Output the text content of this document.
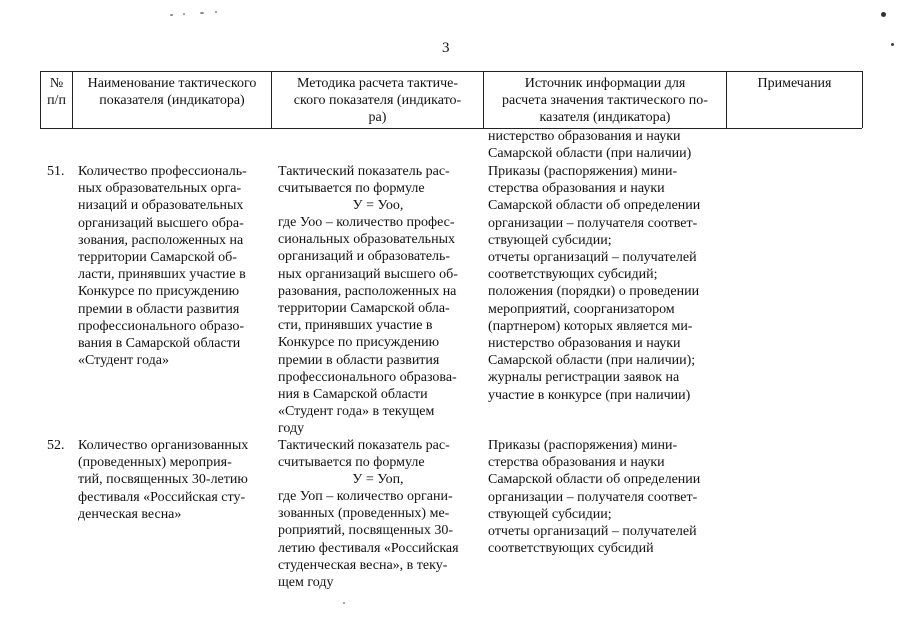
3
№
п/п
Наименование тактического
показателя (индикатора)
Методика расчета тактиче-
ского показателя (индикато-
ра)
Источник информации для
расчета значения тактического по-
казателя (индикатора)
Примечания
нистерство образования и науки
Самарской области (при наличии)
51. Количество профессиональ-
ных образовательных орга-
низаций и образовательных
организаций высшего обра-
зования, расположенных на
территории Самарской об-
ласти, принявших участие в
Конкурсе по присуждению
премии в области развития
профессионального образо-
вания в Самарской области
«Студент года»
Тактический показатель рас-
считывается по формуле
У = Уоо,
где Уоо – количество профес-
сиональных образовательных
организаций и образователь-
ных организаций высшего об-
разования, расположенных на
территории Самарской обла-
сти, принявших участие в
Конкурсе по присуждению
премии в области развития
профессионального образова-
ния в Самарской области
«Студент года» в текущем
году
Приказы (распоряжения) мини-
стерства образования и науки
Самарской области об определении
организации – получателя соответ-
ствующей субсидии;
отчеты организаций – получателей
соответствующих субсидий;
положения (порядки) о проведении
мероприятий, соорганизатором
(партнером) которых является ми-
нистерство образования и науки
Самарской области (при наличии);
журналы регистрации заявок на
участие в конкурсе (при наличии)
52. Количество организованных
(проведенных) мероприя-
тий, посвященных 30-летию
фестиваля «Российская сту-
денческая весна»
Тактический показатель рас-
считывается по формуле
У = Уоп,
где Уоп – количество органи-
зованных (проведенных) ме-
роприятий, посвященных 30-
летию фестиваля «Российская
студенческая весна», в теку-
щем году
Приказы (распоряжения) мини-
стерства образования и науки
Самарской области об определении
организации – получателя соответ-
ствующей субсидии;
отчеты организаций – получателей
соответствующих субсидий
